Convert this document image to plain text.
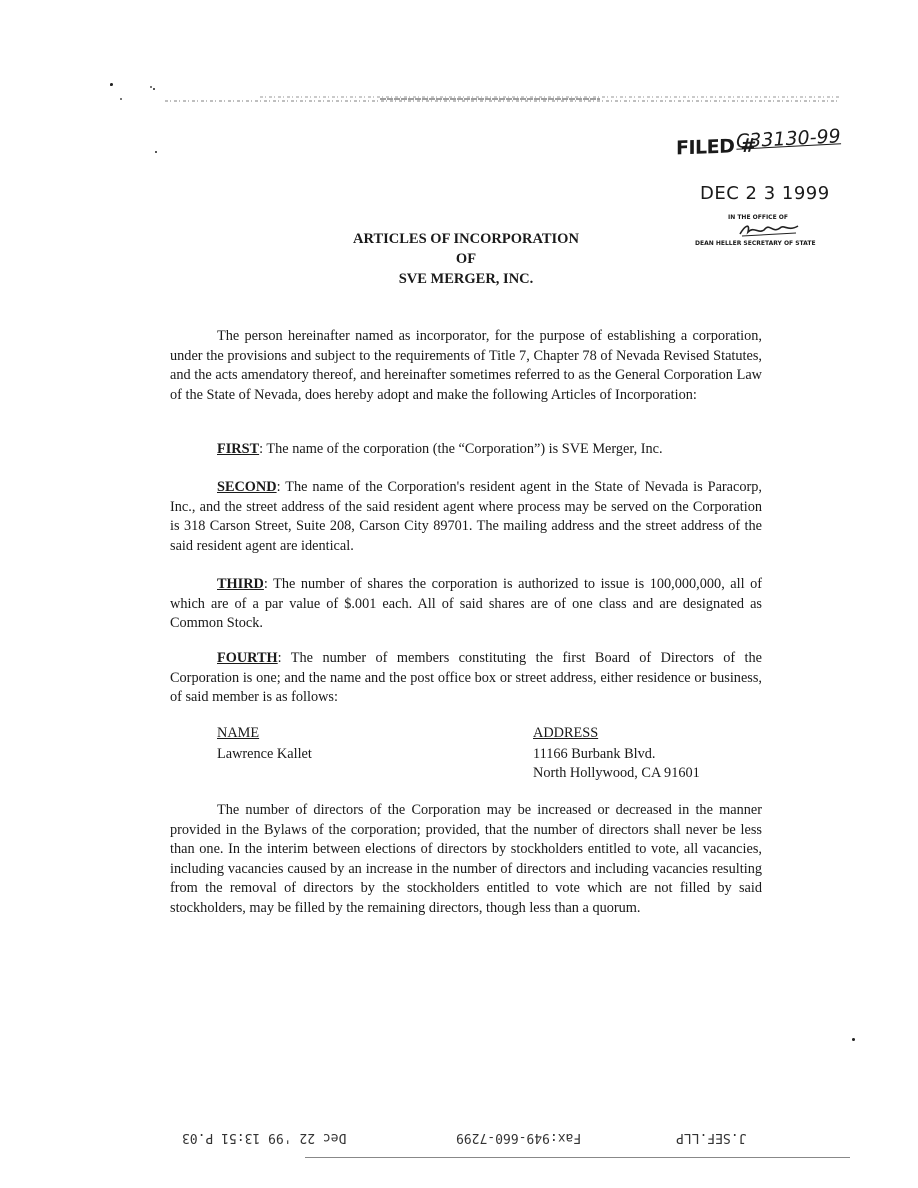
FILED #
C33130-99
DEC 2 3 1999
IN THE OFFICE OF
DEAN HELLER SECRETARY OF STATE
ARTICLES OF INCORPORATION
OF
SVE MERGER, INC.
The person hereinafter named as incorporator, for the purpose of establishing a corporation, under the provisions and subject to the requirements of Title 7, Chapter 78 of Nevada Revised Statutes, and the acts amendatory thereof, and hereinafter sometimes referred to as the General Corporation Law of the State of Nevada, does hereby adopt and make the following Articles of Incorporation:
FIRST: The name of the corporation (the “Corporation”) is SVE Merger, Inc.
SECOND: The name of the Corporation's resident agent in the State of Nevada is Paracorp, Inc., and the street address of the said resident agent where process may be served on the Corporation is 318 Carson Street, Suite 208, Carson City 89701. The mailing address and the street address of the said resident agent are identical.
THIRD: The number of shares the corporation is authorized to issue is 100,000,000, all of which are of a par value of $.001 each. All of said shares are of one class and are designated as Common Stock.
FOURTH: The number of members constituting the first Board of Directors of the Corporation is one; and the name and the post office box or street address, either residence or business, of said member is as follows:
NAME
Lawrence Kallet
ADDRESS
11166 Burbank Blvd.
North Hollywood, CA 91601
The number of directors of the Corporation may be increased or decreased in the manner provided in the Bylaws of the corporation; provided, that the number of directors shall never be less than one. In the interim between elections of directors by stockholders entitled to vote, all vacancies, including vacancies caused by an increase in the number of directors and including vacancies resulting from the removal of directors by the stockholders entitled to vote which are not filled by said stockholders, may be filled by the remaining directors, though less than a quorum.
Dec 22 '99 13:51 P.03	Fax:949-660-7299	J.SEF.LLP
